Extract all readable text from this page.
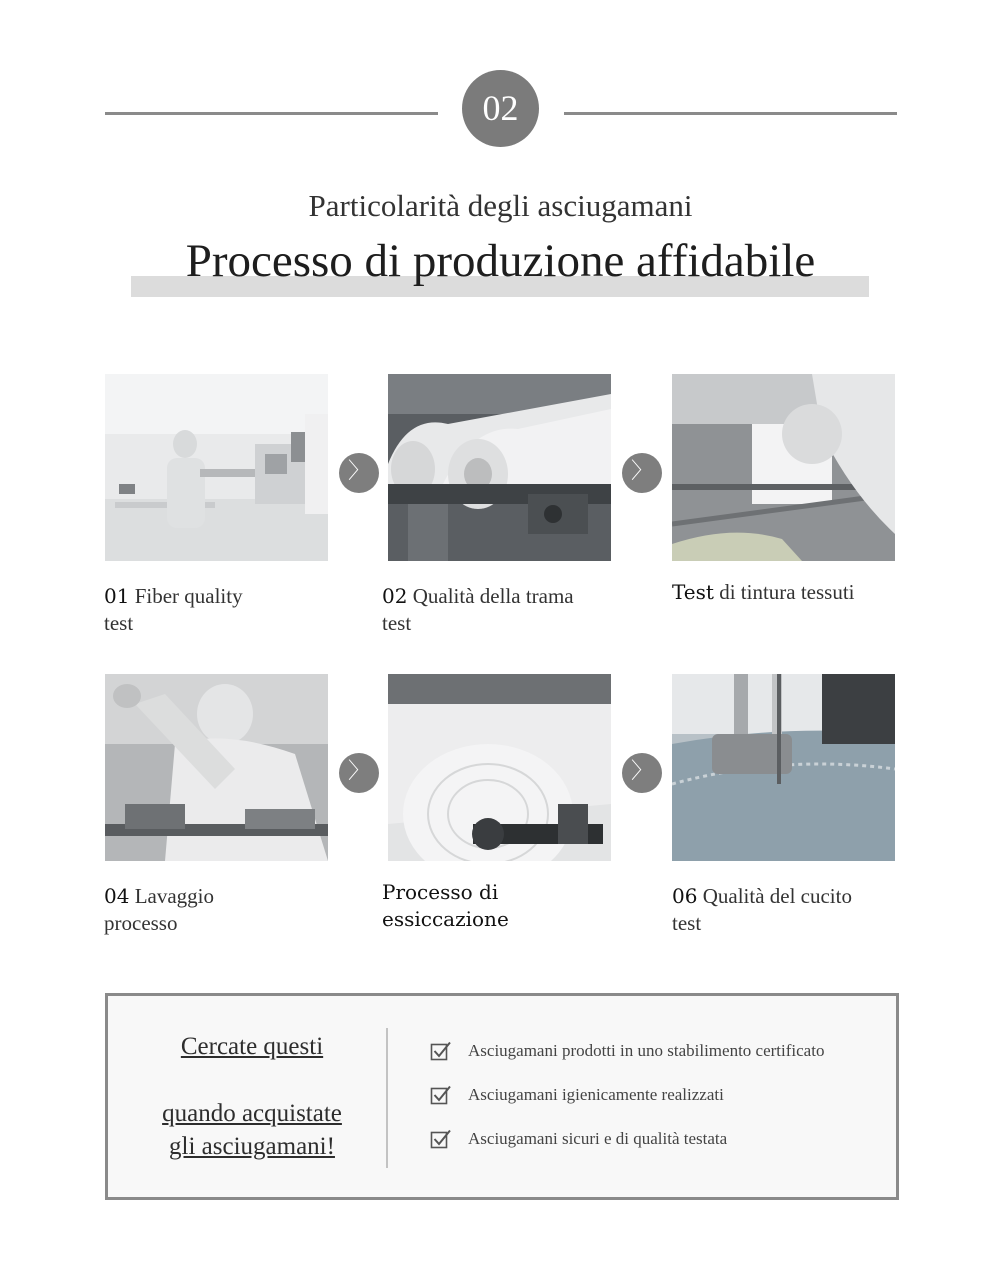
02
Particolarità degli asciugamani
Processo di produzione affidabile
〉	〉
01 Fiber quality
test
02 Qualità della trama
test
Test di tintura tessuti
〉	〉
04 Lavaggio
processo
Processo di essiccazione
06 Qualità del cucito
test
Cercate questi
quando acquistate
gli asciugamani!
Asciugamani prodotti in uno stabilimento certificato
Asciugamani igienicamente realizzati
Asciugamani sicuri e di qualità testata
